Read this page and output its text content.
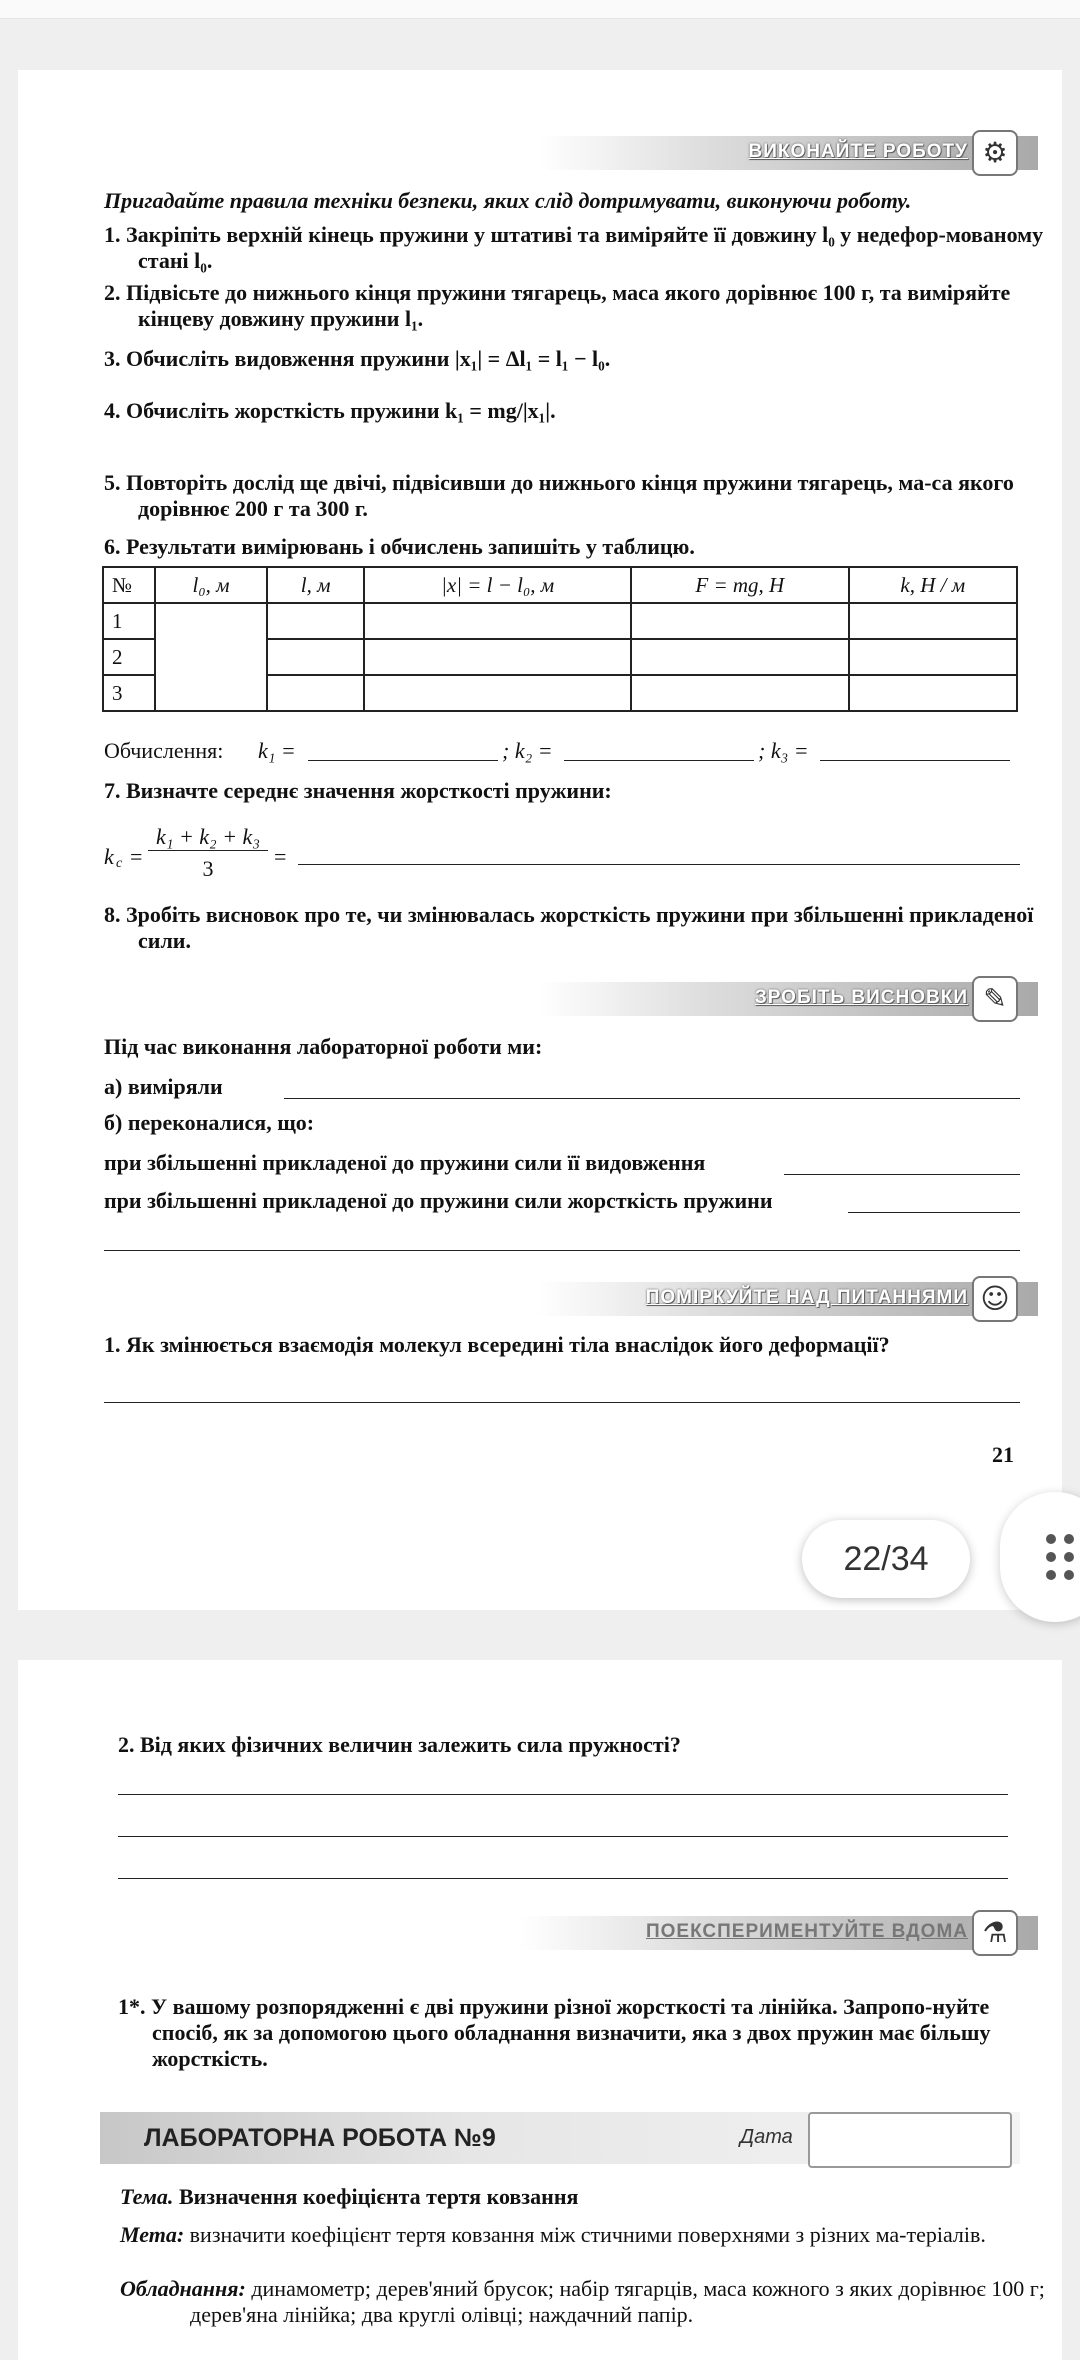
ВИКОНАЙТЕ РОБОТУ ⚙
Пригадайте правила техніки безпеки, яких слід дотримувати, виконуючи роботу.
1. Закріпіть верхній кінець пружини у штативі та виміряйте її довжину l₀ у недефор-мованому стані l₀.
2. Підвісьте до нижнього кінця пружини тягарець, маса якого дорівнює 100 г, та виміряйте кінцеву довжину пружини l₁.
3. Обчисліть видовження пружини |x₁| = Δl₁ = l₁ − l₀.
4. Обчисліть жорсткість пружини k₁ = mg/|x₁|.
5. Повторіть дослід ще двічі, підвісивши до нижнього кінця пружини тягарець, ма-са якого дорівнює 200 г та 300 г.
6. Результати вимірювань і обчислень запишіть у таблицю.
№	l₀, м	l, м	|x| = l − l₀, м	F = mg, Н	k, Н / м
1					
2					
3					
Обчислення: k₁ =	; k₂ =	; k₃ =
7. Визначте середнє значення жорсткості пружини:
k c =
k₁ + k₂ + k₃
3	=
8. Зробіть висновок про те, чи змінювалась жорсткість пружини при збільшенні прикладеної сили.
ЗРОБІТЬ ВИСНОВКИ ✎
Під час виконання лабораторної роботи ми:
а) виміряли
б) переконалися, що:
при збільшенні прикладеної до пружини сили її видовження
при збільшенні прикладеної до пружини сили жорсткість пружини
ПОМІРКУЙТЕ НАД ПИТАННЯМИ ☺
1. Як змінюється взаємодія молекул всередині тіла внаслідок його деформації?
21
22/34
2. Від яких фізичних величин залежить сила пружності?
ПОЕКСПЕРИМЕНТУЙТЕ ВДОМА ⚗
1*. У вашому розпорядженні є дві пружини різної жорсткості та лінійка. Запропо-нуйте спосіб, як за допомогою цього обладнання визначити, яка з двох пружин має більшу жорсткість.
ЛАБОРАТОРНА РОБОТА №9	Дата
Тема. Визначення коефіцієнта тертя ковзання
Мета: визначити коефіцієнт тертя ковзання між стичними поверхнями з різних ма-теріалів.
Обладнання: динамометр; дерев'яний брусок; набір тягарців, маса кожного з яких дорівнює 100 г; дерев'яна лінійка; два круглі олівці; наждачний папір.
